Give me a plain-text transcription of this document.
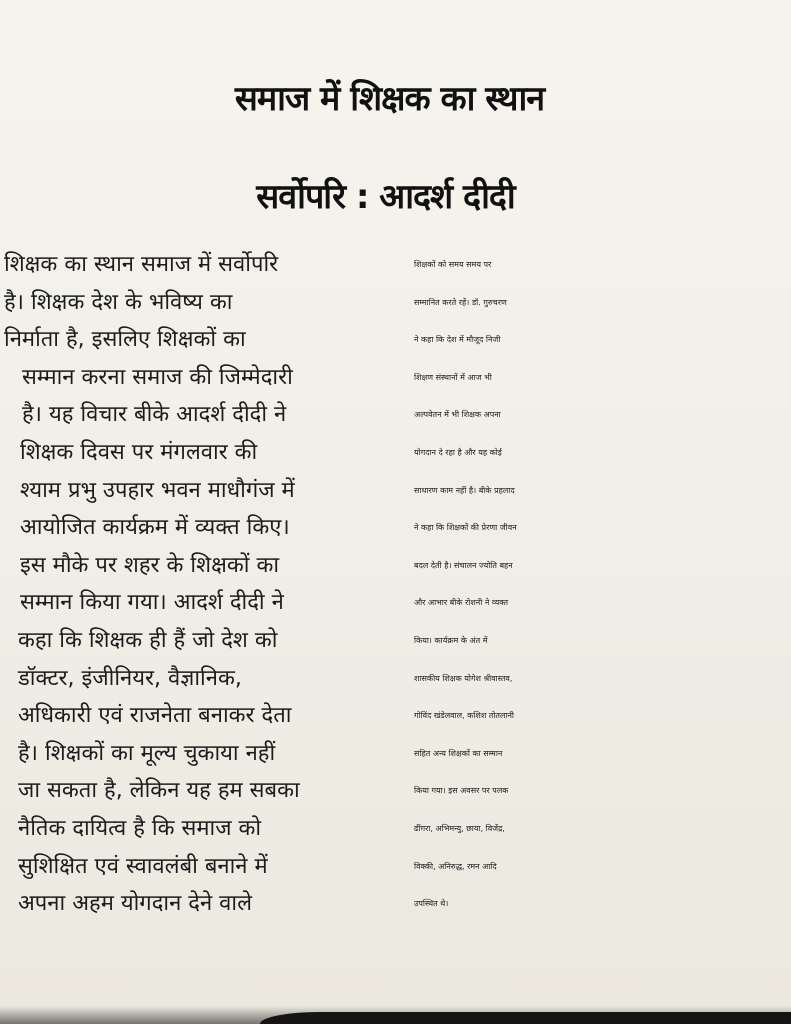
समाज में शिक्षक का स्थान
सर्वोपरि : आदर्श दीदी
शिक्षक का स्थान समाज में सर्वोपरि
है। शिक्षक देश के भविष्य का
निर्माता है, इसलिए शिक्षकों का
सम्मान करना समाज की जिम्मेदारी
है। यह विचार बीके आदर्श दीदी ने
शिक्षक दिवस पर मंगलवार की
श्याम प्रभु उपहार भवन माधौगंज में
आयोजित कार्यक्रम में व्यक्त किए।
इस मौके पर शहर के शिक्षकों का
सम्मान किया गया। आदर्श दीदी ने
कहा कि शिक्षक ही हैं जो देश को
डॉक्टर, इंजीनियर, वैज्ञानिक,
अधिकारी एवं राजनेता बनाकर देता
है। शिक्षकों का मूल्य चुकाया नहीं
जा सकता है, लेकिन यह हम सबका
नैतिक दायित्व है कि समाज को
सुशिक्षित एवं स्वावलंबी बनाने में
अपना अहम योगदान देने वाले
शिक्षकों को समय समय पर
सम्मानित करते रहें। डॉ. गुरुचरण
ने कहा कि देश में मौजूद निजी
शिक्षण संस्थानों में आज भी
अल्पवेतन में भी शिक्षक अपना
योगदान दे रहा है और यह कोई
साधारण काम नहीं है। बीके प्रहलाद
ने कहा कि शिक्षकों की प्रेरणा जीवन
बदल देती है। संचालन ज्योति बहन
और आभार बीके रोशनी ने व्यक्त
किया। कार्यक्रम के अंत में
शासकीय शिक्षक योगेश श्रीवास्तव,
गोविंद खंडेलवाल, कशिश तोतलानी
सहित अन्य शिक्षकों का सम्मान
किया गया। इस अवसर पर पलक
ढींगरा, अभिमन्यु, छाया, विजेंद्र,
विक्की, अनिरुद्ध, रमन आदि
उपस्थित थे।
